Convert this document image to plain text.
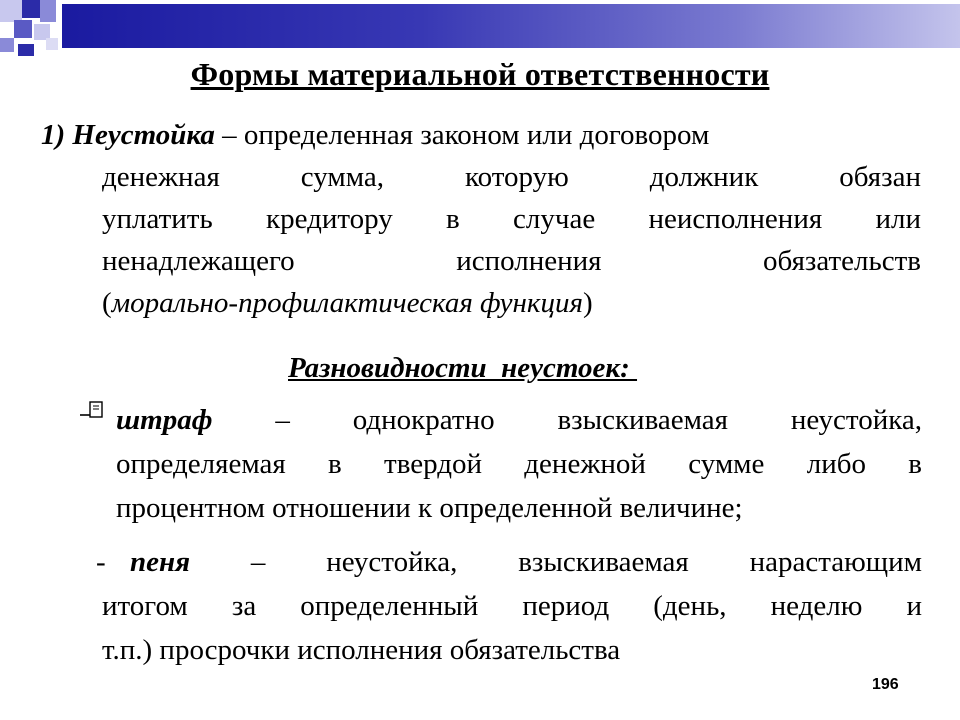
Формы материальной ответственности
1) Неустойка – определенная законом или договором
денежная сумма, которую должник обязан
уплатить кредитору в случае неисполнения или
ненадлежащего исполнения обязательств
(морально-профилактическая функция)
Разновидности  неустоек:
штраф – однократно взыскиваемая неустойка,
определяемая в твердой денежной сумме либо в
процентном отношении к определенной величине;
- пеня – неустойка, взыскиваемая нарастающим
итогом за определенный период (день, неделю и
т.п.) просрочки исполнения обязательства
196
